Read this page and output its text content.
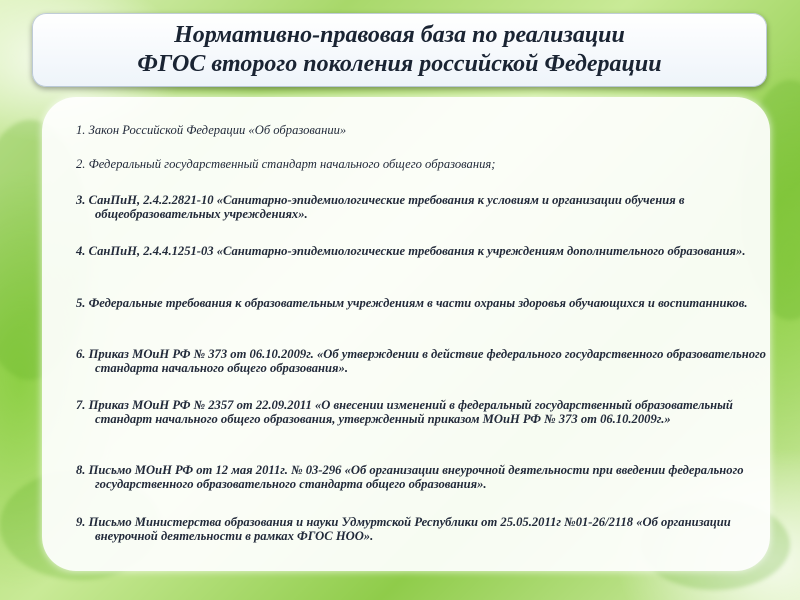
Нормативно-правовая база по реализации
ФГОС второго поколения российской Федерации
1. Закон Российской Федерации «Об образовании»
2. Федеральный государственный стандарт начального общего образования;
3. СанПиН, 2.4.2.2821-10 «Санитарно-эпидемиологические требования к условиям и организации обучения в общеобразовательных учреждениях».
4. СанПиН, 2.4.4.1251-03 «Санитарно-эпидемиологические требования к учреждениям дополнительного образования».
5. Федеральные требования к образовательным учреждениям в части охраны здоровья обучающихся и воспитанников.
6. Приказ МОиН РФ № 373 от 06.10.2009г. «Об утверждении в действие федерального государственного образовательного стандарта начального общего образования».
7. Приказ МОиН РФ № 2357 от 22.09.2011 «О внесении изменений в федеральный государственный образовательный стандарт начального общего образования, утвержденный приказом МОиН РФ № 373 от 06.10.2009г.»
8. Письмо МОиН РФ от 12 мая 2011г. № 03-296 «Об организации внеурочной деятельности при введении федерального государственного образовательного стандарта общего образования».
9. Письмо Министерства образования и науки Удмуртской Республики от 25.05.2011г №01-26/2118 «Об организации внеурочной деятельности в рамках ФГОС НОО».
